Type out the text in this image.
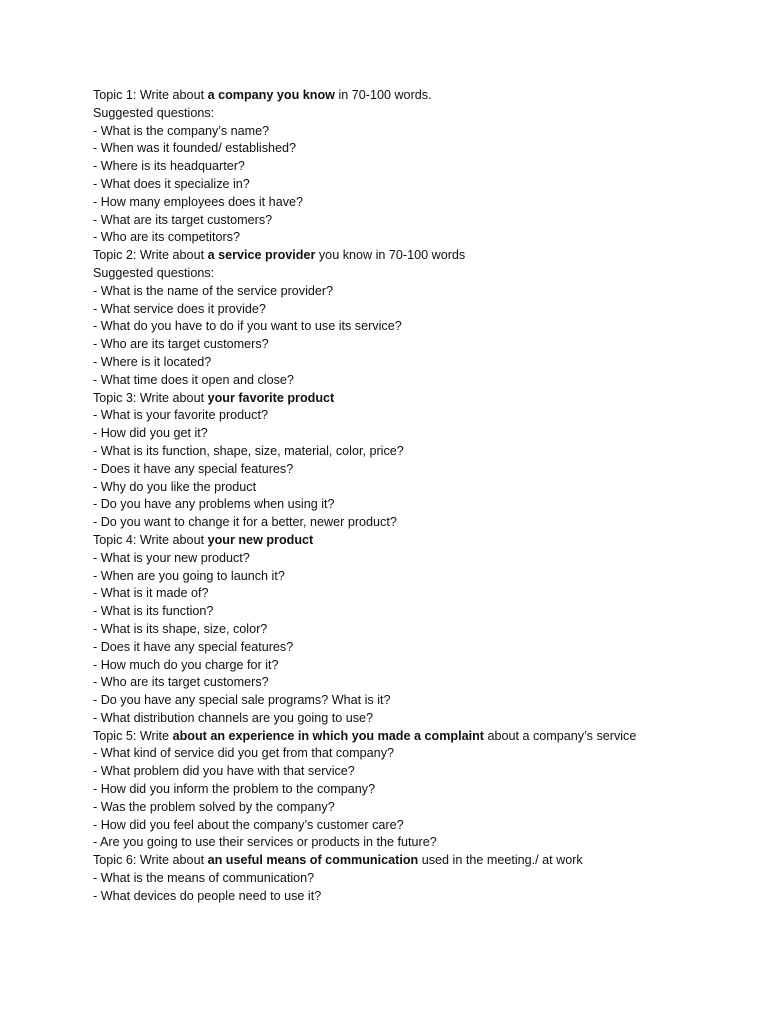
Topic 1: Write about a company you know in 70-100 words.
Suggested questions:
- What is the company’s name?
- When was it founded/ established?
- Where is its headquarter?
- What does it specialize in?
- How many employees does it have?
- What are its target customers?
- Who are its competitors?
Topic 2: Write about a service provider you know in 70-100 words
Suggested questions:
- What is the name of the service provider?
- What service does it provide?
- What do you have to do if you want to use its service?
- Who are its target customers?
- Where is it located?
- What time does it open and close?
Topic 3: Write about your favorite product
- What is your favorite product?
- How did you get it?
- What is its function, shape, size, material, color, price?
- Does it have any special features?
- Why do you like the product
- Do you have any problems when using it?
- Do you want to change it for a better, newer product?
Topic 4: Write about your new product
- What is your new product?
- When are you going to launch it?
- What is it made of?
- What is its function?
- What is its shape, size, color?
- Does it have any special features?
- How much do you charge for it?
- Who are its target customers?
- Do you have any special sale programs? What is it?
- What distribution channels are you going to use?
Topic 5: Write about an experience in which you made a complaint about a company’s service
- What kind of service did you get from that company?
- What problem did you have with that service?
- How did you inform the problem to the company?
- Was the problem solved by the company?
- How did you feel about the company’s customer care?
- Are you going to use their services or products in the future?
Topic 6: Write about an useful means of communication used in the meeting./ at work
- What is the means of communication?
- What devices do people need to use it?
